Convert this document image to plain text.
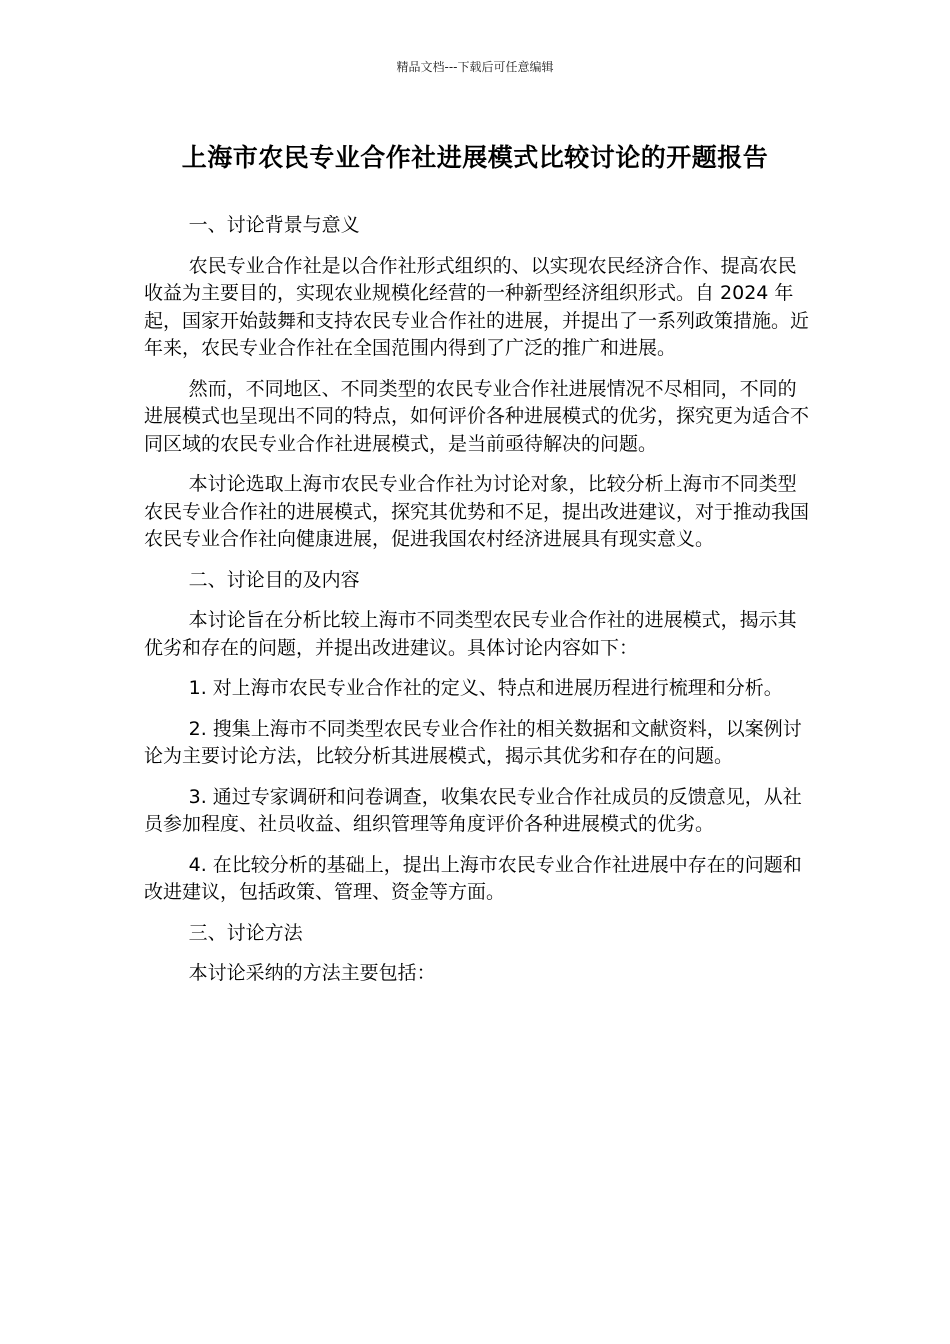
精品文档---下载后可任意编辑
上海市农民专业合作社进展模式比较讨论的开题报告

一、讨论背景与意义

农民专业合作社是以合作社形式组织的、以实现农民经济合作、提高农民收益为主要目的，实现农业规模化经营的一种新型经济组织形式。自 2024 年起，国家开始鼓舞和支持农民专业合作社的进展，并提出了一系列政策措施。近年来，农民专业合作社在全国范围内得到了广泛的推广和进展。

然而，不同地区、不同类型的农民专业合作社进展情况不尽相同，不同的进展模式也呈现出不同的特点，如何评价各种进展模式的优劣，探究更为适合不同区域的农民专业合作社进展模式，是当前亟待解决的问题。

本讨论选取上海市农民专业合作社为讨论对象，比较分析上海市不同类型农民专业合作社的进展模式，探究其优势和不足，提出改进建议，对于推动我国农民专业合作社向健康进展，促进我国农村经济进展具有现实意义。

二、讨论目的及内容

本讨论旨在分析比较上海市不同类型农民专业合作社的进展模式，揭示其优劣和存在的问题，并提出改进建议。具体讨论内容如下：

1. 对上海市农民专业合作社的定义、特点和进展历程进行梳理和分析。

2. 搜集上海市不同类型农民专业合作社的相关数据和文献资料，以案例讨论为主要讨论方法，比较分析其进展模式，揭示其优劣和存在的问题。

3. 通过专家调研和问卷调查，收集农民专业合作社成员的反馈意见，从社员参加程度、社员收益、组织管理等角度评价各种进展模式的优劣。

4. 在比较分析的基础上，提出上海市农民专业合作社进展中存在的问题和改进建议，包括政策、管理、资金等方面。

三、讨论方法

本讨论采纳的方法主要包括：
